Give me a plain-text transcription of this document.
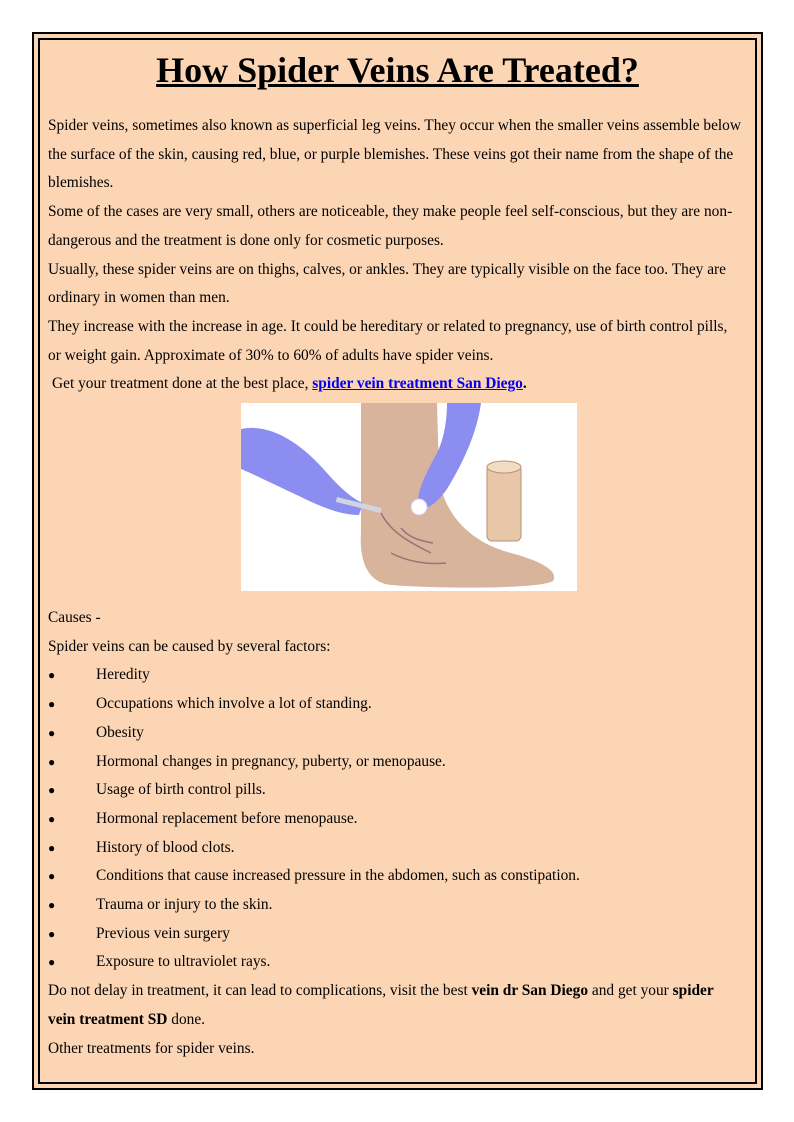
How Spider Veins Are Treated?

Spider veins, sometimes also known as superficial leg veins. They occur when the smaller veins assemble below the surface of the skin, causing red, blue, or purple blemishes. These veins got their name from the shape of the blemishes.

Some of the cases are very small, others are noticeable, they make people feel self-conscious, but they are non-dangerous and the treatment is done only for cosmetic purposes.

Usually, these spider veins are on thighs, calves, or ankles. They are typically visible on the face too. They are ordinary in women than men.

They increase with the increase in age. It could be hereditary or related to pregnancy, use of birth control pills, or weight gain. Approximate of 30% to 60% of adults have spider veins.

Get your treatment done at the best place, spider vein treatment San Diego.

Causes -

Spider veins can be caused by several factors:

●	Heredity
●	Occupations which involve a lot of standing.
●	Obesity
●	Hormonal changes in pregnancy, puberty, or menopause.
●	Usage of birth control pills.
●	Hormonal replacement before menopause.
●	History of blood clots.
●	Conditions that cause increased pressure in the abdomen, such as constipation.
●	Trauma or injury to the skin.
●	Previous vein surgery
●	Exposure to ultraviolet rays.

Do not delay in treatment, it can lead to complications, visit the best vein dr San Diego and get your spider vein treatment SD done.

Other treatments for spider veins.
